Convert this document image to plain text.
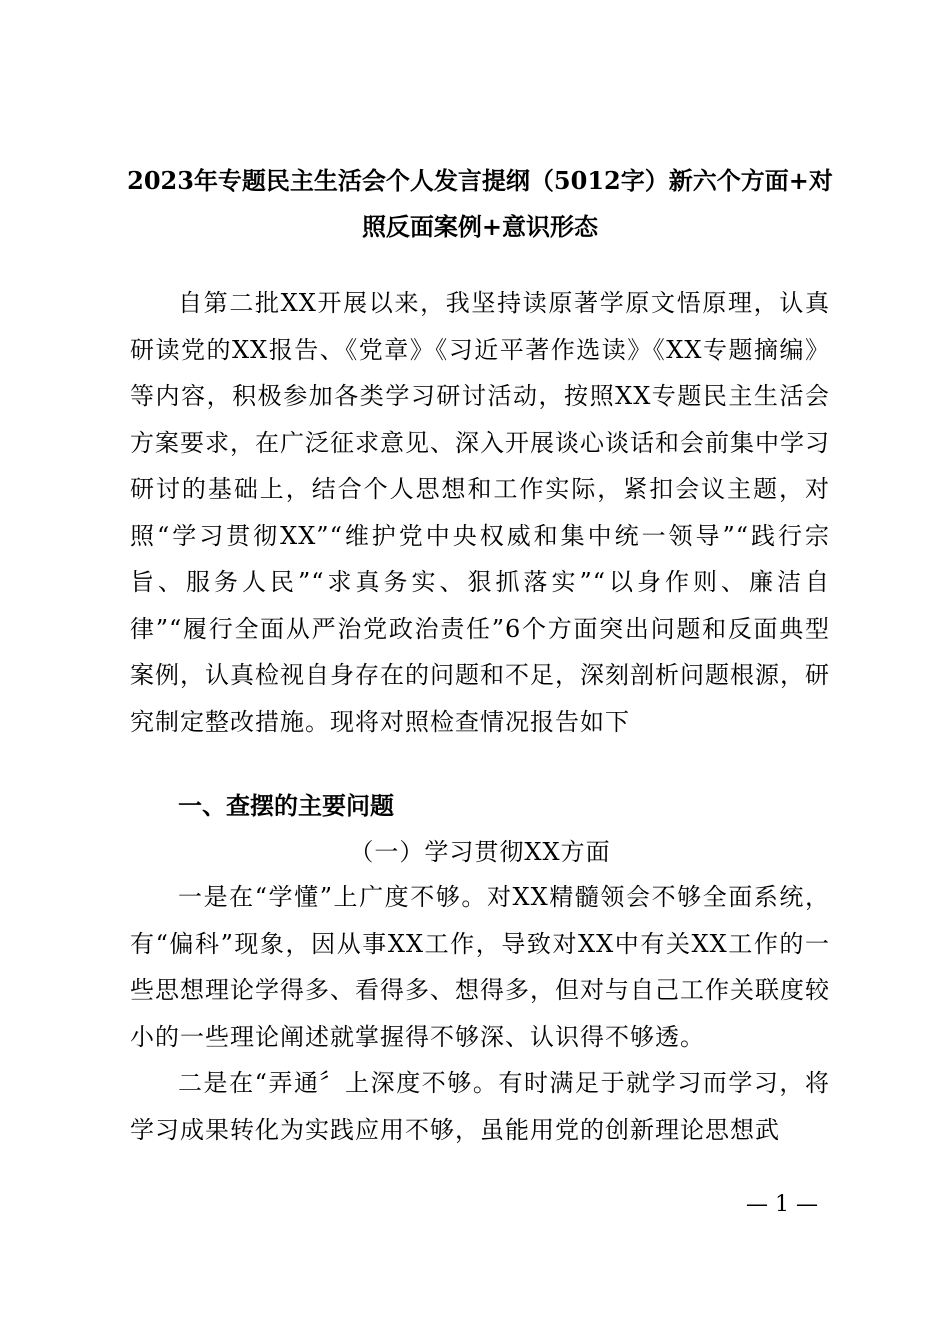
2023年专题民主生活会个人发言提纲（5012字）新六个方面+对照反面案例+意识形态
自第二批XX开展以来，我坚持读原著学原文悟原理，认真研读党的XX报告、《党章》《习近平著作选读》《XX专题摘编》等内容，积极参加各类学习研讨活动，按照XX专题民主生活会方案要求，在广泛征求意见、深入开展谈心谈话和会前集中学习研讨的基础上，结合个人思想和工作实际，紧扣会议主题，对照“学习贯彻XX”“维护党中央权威和集中统一领导”“践行宗旨、服务人民”“求真务实、狠抓落实”“以身作则、廉洁自律”“履行全面从严治党政治责任”6个方面突出问题和反面典型案例，认真检视自身存在的问题和不足，深刻剖析问题根源，研究制定整改措施。现将对照检查情况报告如下
一、查摆的主要问题
（一）学习贯彻XX方面
一是在“学懂”上广度不够。对XX精髓领会不够全面系统，有“偏科”现象，因从事XX工作，导致对XX中有关XX工作的一些思想理论学得多、看得多、想得多，但对与自己工作关联度较小的一些理论阐述就掌握得不够深、认识得不够透。
二是在“弄通〞上深度不够。有时满足于就学习而学习，将学习成果转化为实践应用不够，虽能用党的创新理论思想武
— 1 —
